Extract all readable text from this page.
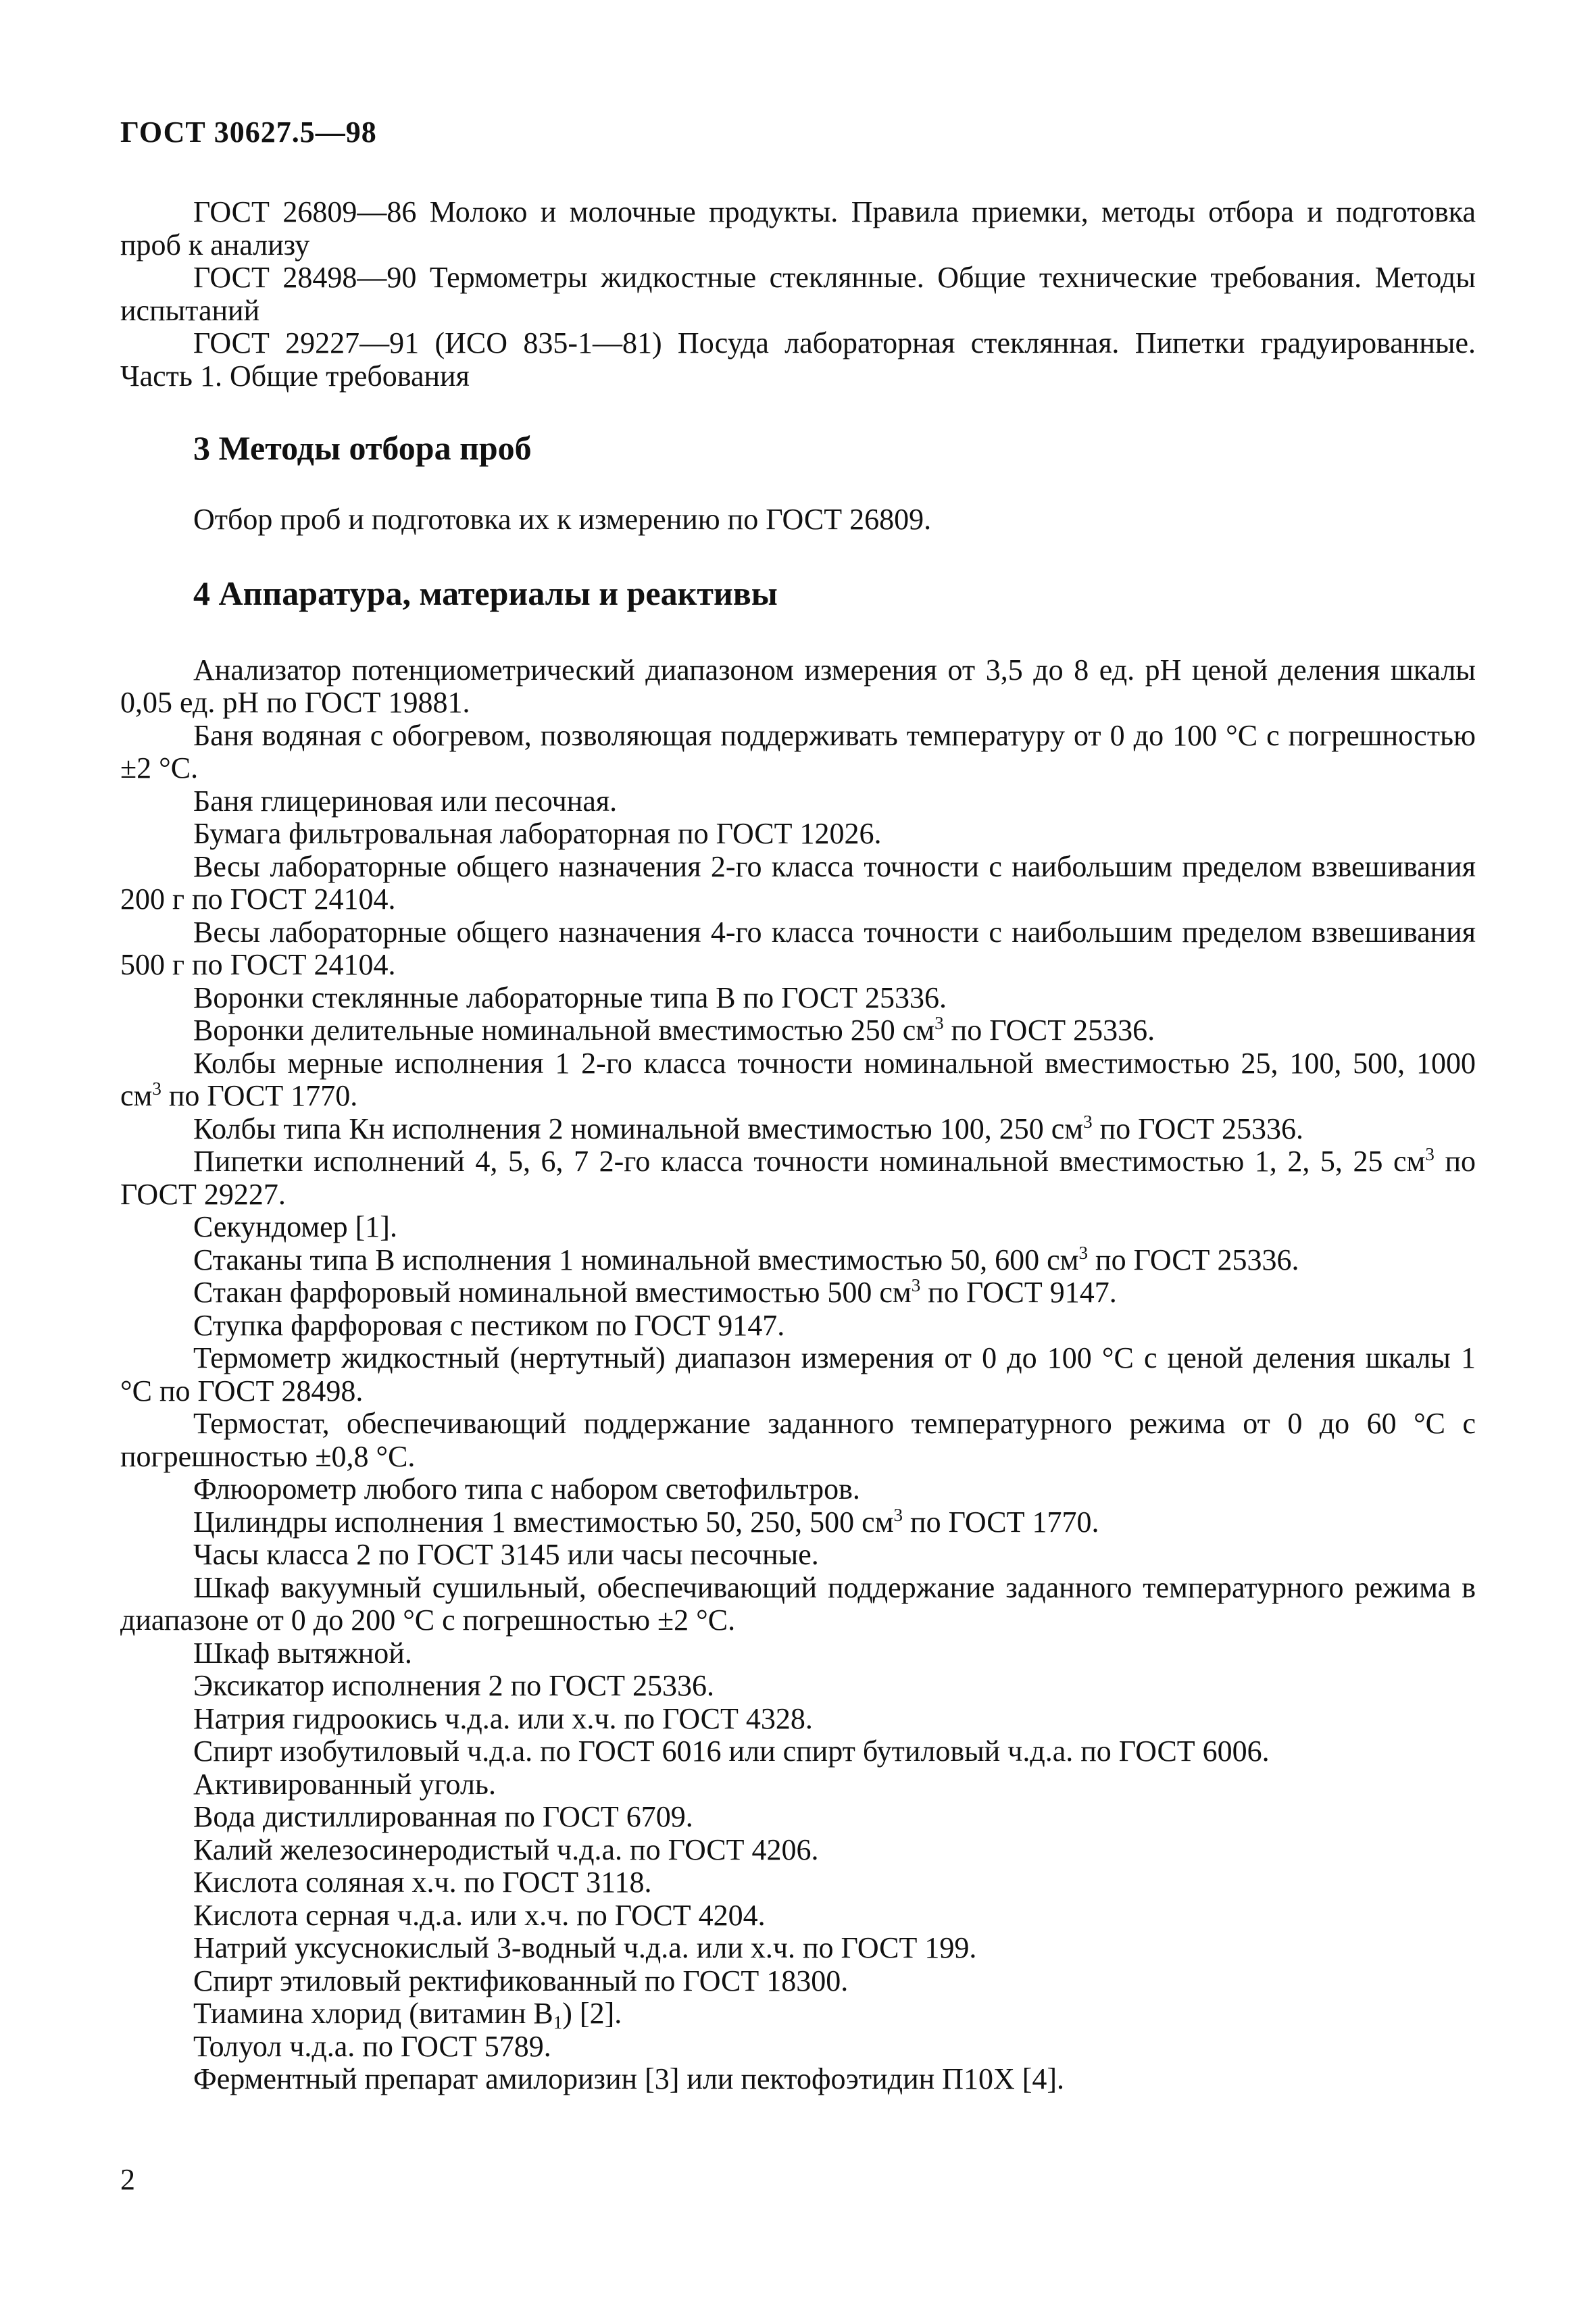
ГОСТ 30627.5—98

ГОСТ 26809—86 Молоко и молочные продукты. Правила приемки, методы отбора и подготовка проб к анализу

ГОСТ 28498—90 Термометры жидкостные стеклянные. Общие технические требования. Методы испытаний

ГОСТ 29227—91 (ИСО 835-1—81) Посуда лабораторная стеклянная. Пипетки градуированные. Часть 1. Общие требования

3 Методы отбора проб

Отбор проб и подготовка их к измерению по ГОСТ 26809.

4 Аппаратура, материалы и реактивы

Анализатор потенциометрический диапазоном измерения от 3,5 до 8 ед. рН ценой деления шкалы 0,05 ед. рН по ГОСТ 19881.

Баня водяная с обогревом, позволяющая поддерживать температуру от 0 до 100 °С с погрешностью ±2 °С.

Баня глицериновая или песочная.

Бумага фильтровальная лабораторная по ГОСТ 12026.

Весы лабораторные общего назначения 2-го класса точности с наибольшим пределом взвешивания 200 г по ГОСТ 24104.

Весы лабораторные общего назначения 4-го класса точности с наибольшим пределом взвешивания 500 г по ГОСТ 24104.

Воронки стеклянные лабораторные типа В по ГОСТ 25336.

Воронки делительные номинальной вместимостью 250 $см^3$ по ГОСТ 25336.

Колбы мерные исполнения 1 2-го класса точности номинальной вместимостью 25, 100, 500, 1000 $см^3$ по ГОСТ 1770.

Колбы типа Кн исполнения 2 номинальной вместимостью 100, 250 $см^3$ по ГОСТ 25336.

Пипетки исполнений 4, 5, 6, 7 2-го класса точности номинальной вместимостью 1, 2, 5, 25 $см^3$ по ГОСТ 29227.

Секундомер [1].

Стаканы типа В исполнения 1 номинальной вместимостью 50, 600 $см^3$ по ГОСТ 25336.

Стакан фарфоровый номинальной вместимостью 500 $см^3$ по ГОСТ 9147.

Ступка фарфоровая с пестиком по ГОСТ 9147.

Термометр жидкостный (нертутный) диапазон измерения от 0 до 100 °С с ценой деления шкалы 1 °С по ГОСТ 28498.

Термостат, обеспечивающий поддержание заданного температурного режима от 0 до 60 °С с погрешностью ±0,8 °С.

Флюорометр любого типа с набором светофильтров.

Цилиндры исполнения 1 вместимостью 50, 250, 500 $см^3$ по ГОСТ 1770.

Часы класса 2 по ГОСТ 3145 или часы песочные.

Шкаф вакуумный сушильный, обеспечивающий поддержание заданного температурного режима в диапазоне от 0 до 200 °С с погрешностью ±2 °С.

Шкаф вытяжной.

Эксикатор исполнения 2 по ГОСТ 25336.

Натрия гидроокись ч.д.а. или х.ч. по ГОСТ 4328.

Спирт изобутиловый ч.д.а. по ГОСТ 6016 или спирт бутиловый ч.д.а. по ГОСТ 6006.

Активированный уголь.

Вода дистиллированная по ГОСТ 6709.

Калий железосинеродистый ч.д.а. по ГОСТ 4206.

Кислота соляная х.ч. по ГОСТ 3118.

Кислота серная ч.д.а. или х.ч. по ГОСТ 4204.

Натрий уксуснокислый 3-водный ч.д.а. или х.ч. по ГОСТ 199.

Спирт этиловый ректификованный по ГОСТ 18300.

Тиамина хлорид (витамин $В_1$) [2].

Толуол ч.д.а. по ГОСТ 5789.

Ферментный препарат амилоризин [3] или пектофоэтидин П10Х [4].

2
